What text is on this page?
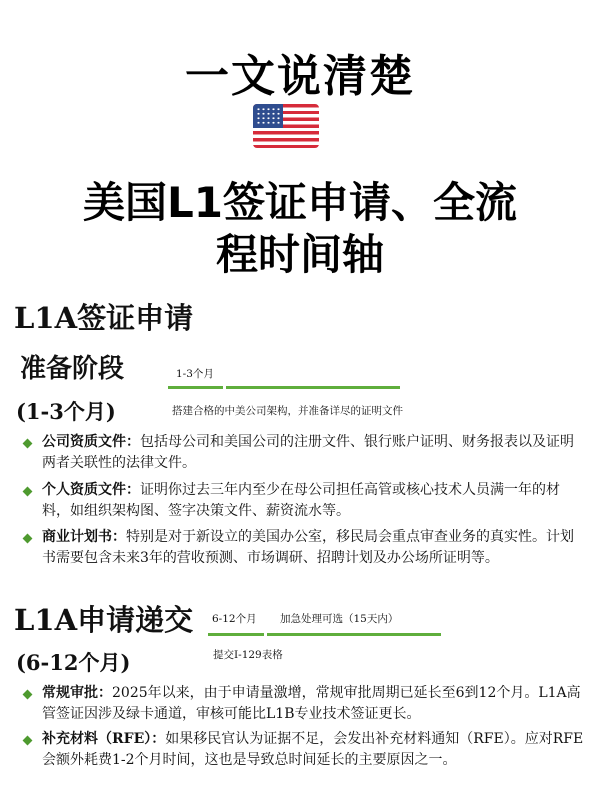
一文说清楚
美国L1签证申请、全流
程时间轴
L1A签证申请
准备阶段	1-3个月
(1-3个月)	搭建合格的中美公司架构，并准备详尽的证明文件
公司资质文件：包括母公司和美国公司的注册文件、银行账户证明、财务报表以及证明两者关联性的法律文件。
个人资质文件：证明你过去三年内至少在母公司担任高管或核心技术人员满一年的材料，如组织架构图、签字决策文件、薪资流水等。
商业计划书：特别是对于新设立的美国办公室，移民局会重点审查业务的真实性。计划书需要包含未来3年的营收预测、市场调研、招聘计划及办公场所证明等。
L1A申请递交 6-12个月 加急处理可选（15天内）
(6-12个月)	提交I-129表格
常规审批：2025年以来，由于申请量激增，常规审批周期已延长至6到12个月。L1A高管签证因涉及绿卡通道，审核可能比L1B专业技术签证更长。
补充材料（RFE）：如果移民官认为证据不足，会发出补充材料通知（RFE）。应对RFE会额外耗费1-2个月时间，这也是导致总时间延长的主要原因之一。
